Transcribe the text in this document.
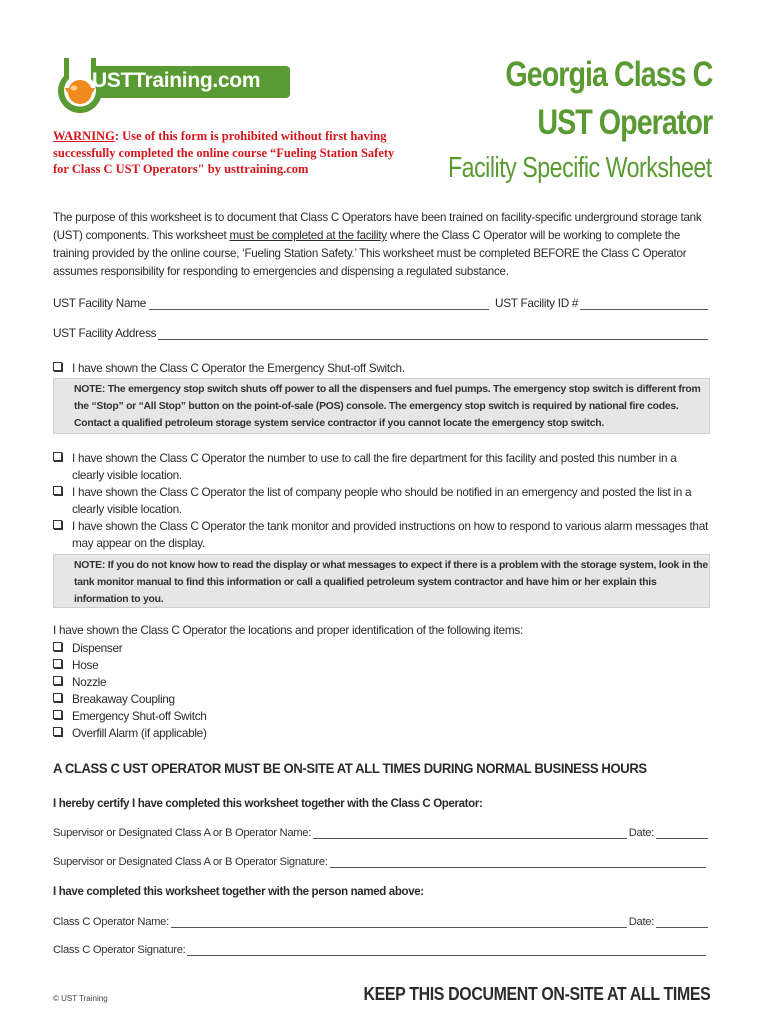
USTTraining.com	Georgia Class C
UST Operator
Facility Specific Worksheet
WARNING: Use of this form is prohibited without first having successfully completed the online course “Fueling Station Safety for Class C UST Operators" by usttraining.com
The purpose of this worksheet is to document that Class C Operators have been trained on facility-specific underground storage tank (UST) components. This worksheet must be completed at the facility where the Class C Operator will be working to complete the training provided by the online course, ‘Fueling Station Safety.’ This worksheet must be completed BEFORE the Class C Operator assumes responsibility for responding to emergencies and dispensing a regulated substance.
UST Facility Name	UST Facility ID #
UST Facility Address
I have shown the Class C Operator the Emergency Shut-off Switch.
NOTE: The emergency stop switch shuts off power to all the dispensers and fuel pumps. The emergency stop switch is different from the “Stop” or “All Stop” button on the point-of-sale (POS) console. The emergency stop switch is required by national fire codes. Contact a qualified petroleum storage system service contractor if you cannot locate the emergency stop switch.
I have shown the Class C Operator the number to use to call the fire department for this facility and posted this number in a clearly visible location.
I have shown the Class C Operator the list of company people who should be notified in an emergency and posted the list in a clearly visible location.
I have shown the Class C Operator the tank monitor and provided instructions on how to respond to various alarm messages that may appear on the display.
NOTE: If you do not know how to read the display or what messages to expect if there is a problem with the storage system, look in the tank monitor manual to find this information or call a qualified petroleum system contractor and have him or her explain this information to you.
I have shown the Class C Operator the locations and proper identification of the following items:
Dispenser
Hose
Nozzle
Breakaway Coupling
Emergency Shut-off Switch
Overfill Alarm (if applicable)
A CLASS C UST OPERATOR MUST BE ON-SITE AT ALL TIMES DURING NORMAL BUSINESS HOURS
I hereby certify I have completed this worksheet together with the Class C Operator:
Supervisor or Designated Class A or B Operator Name:	Date:
Supervisor or Designated Class A or B Operator Signature:
I have completed this worksheet together with the person named above:
Class C Operator Name:	Date:
Class C Operator Signature:
© UST Training	KEEP THIS DOCUMENT ON-SITE AT ALL TIMES
